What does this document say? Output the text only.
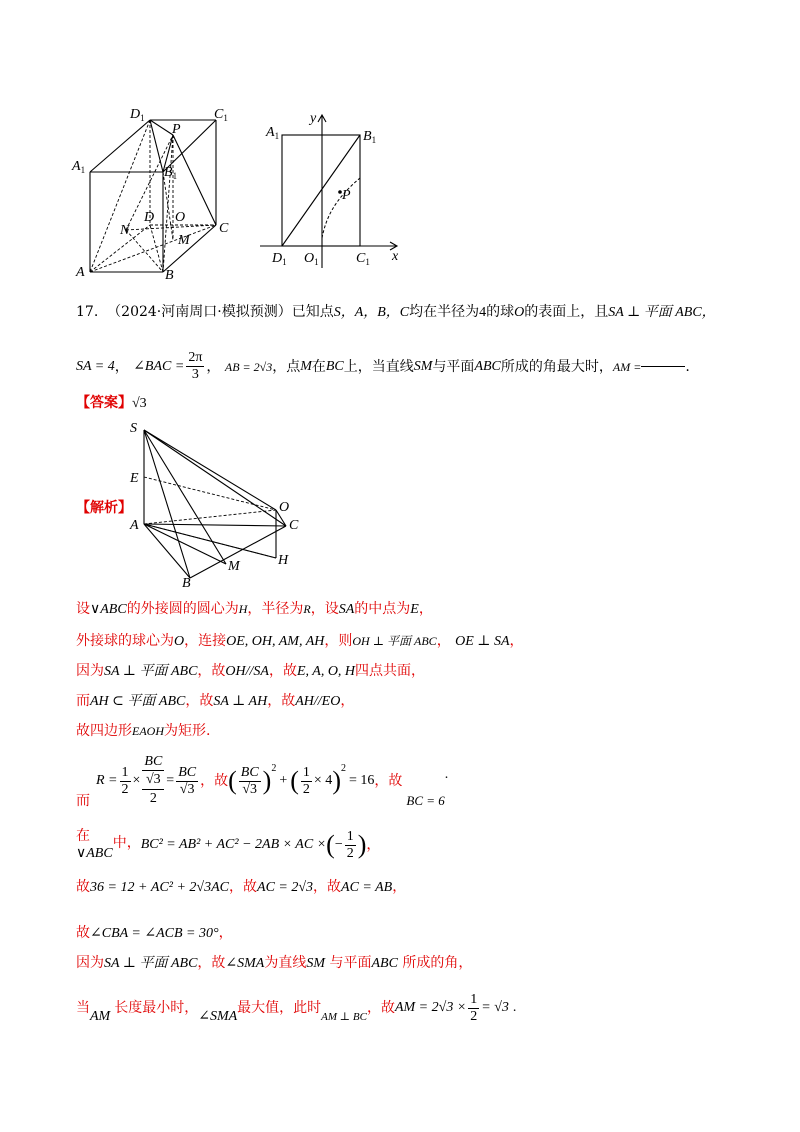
$D_1$	$C_1$
P
$A_1$	$B_1$
D O
N	C
M
A	B
y
x
$A_1$	$B_1$
P
$D_1$ $O_1$	$C_1$
17. （2024·河南周口·模拟预测）已知点S，A，B，C均在半径为4的球O的表面上，且SA ⊥ 平面 ABC，
SA = 4 ， ∠BAC = $\frac{2\pi}{3}$ ， AB = 2√3 ，点 M 在 BC 上，当直线 SM 与平面 ABC 所成的角最大时， AM =	.
【答案】√3
【解析】
S
E
O
A	C
H
M
B
设∨ABC的外接圆的圆心为H，半径为R，设SA的中点为E，
外接球的球心为O，连接OE, OH, AM, AH，则OH ⊥ 平面 ABC， OE ⊥ SA，
因为SA ⊥ 平面 ABC，故OH//SA，故E, A, O, H四点共面，
而AH ⊂ 平面 ABC，故SA ⊥ AH，故AH//EO，
故四边形EAOH为矩形.
而
$R = \frac{1}{2}$ × BC
√3
$2 = \frac{BC}{√3}$ ，故 ( $\frac{BC}{√3} )^2$
+ ( $\frac{1}{2} \times 4$ )$^2$
= 16 ，故
BC = 6
.
在
∨ABC
中， BC² = AB² + AC² − 2AB × AC × ( − $\frac{1}{2}$ ) ，
故36 = 12 + AC² + 2√3AC，故AC = 2√3，故AC = AB，
故∠CBA = ∠ACB = 30°，
因为SA ⊥ 平面 ABC，故∠SMA为直线SM 与平面ABC 所成的角，
当
AM
长度最小时，
∠SMA
最大值，此时
AM ⊥ BC
，故 AM = $2√3 \times \frac{1}{2} = √3$ .
